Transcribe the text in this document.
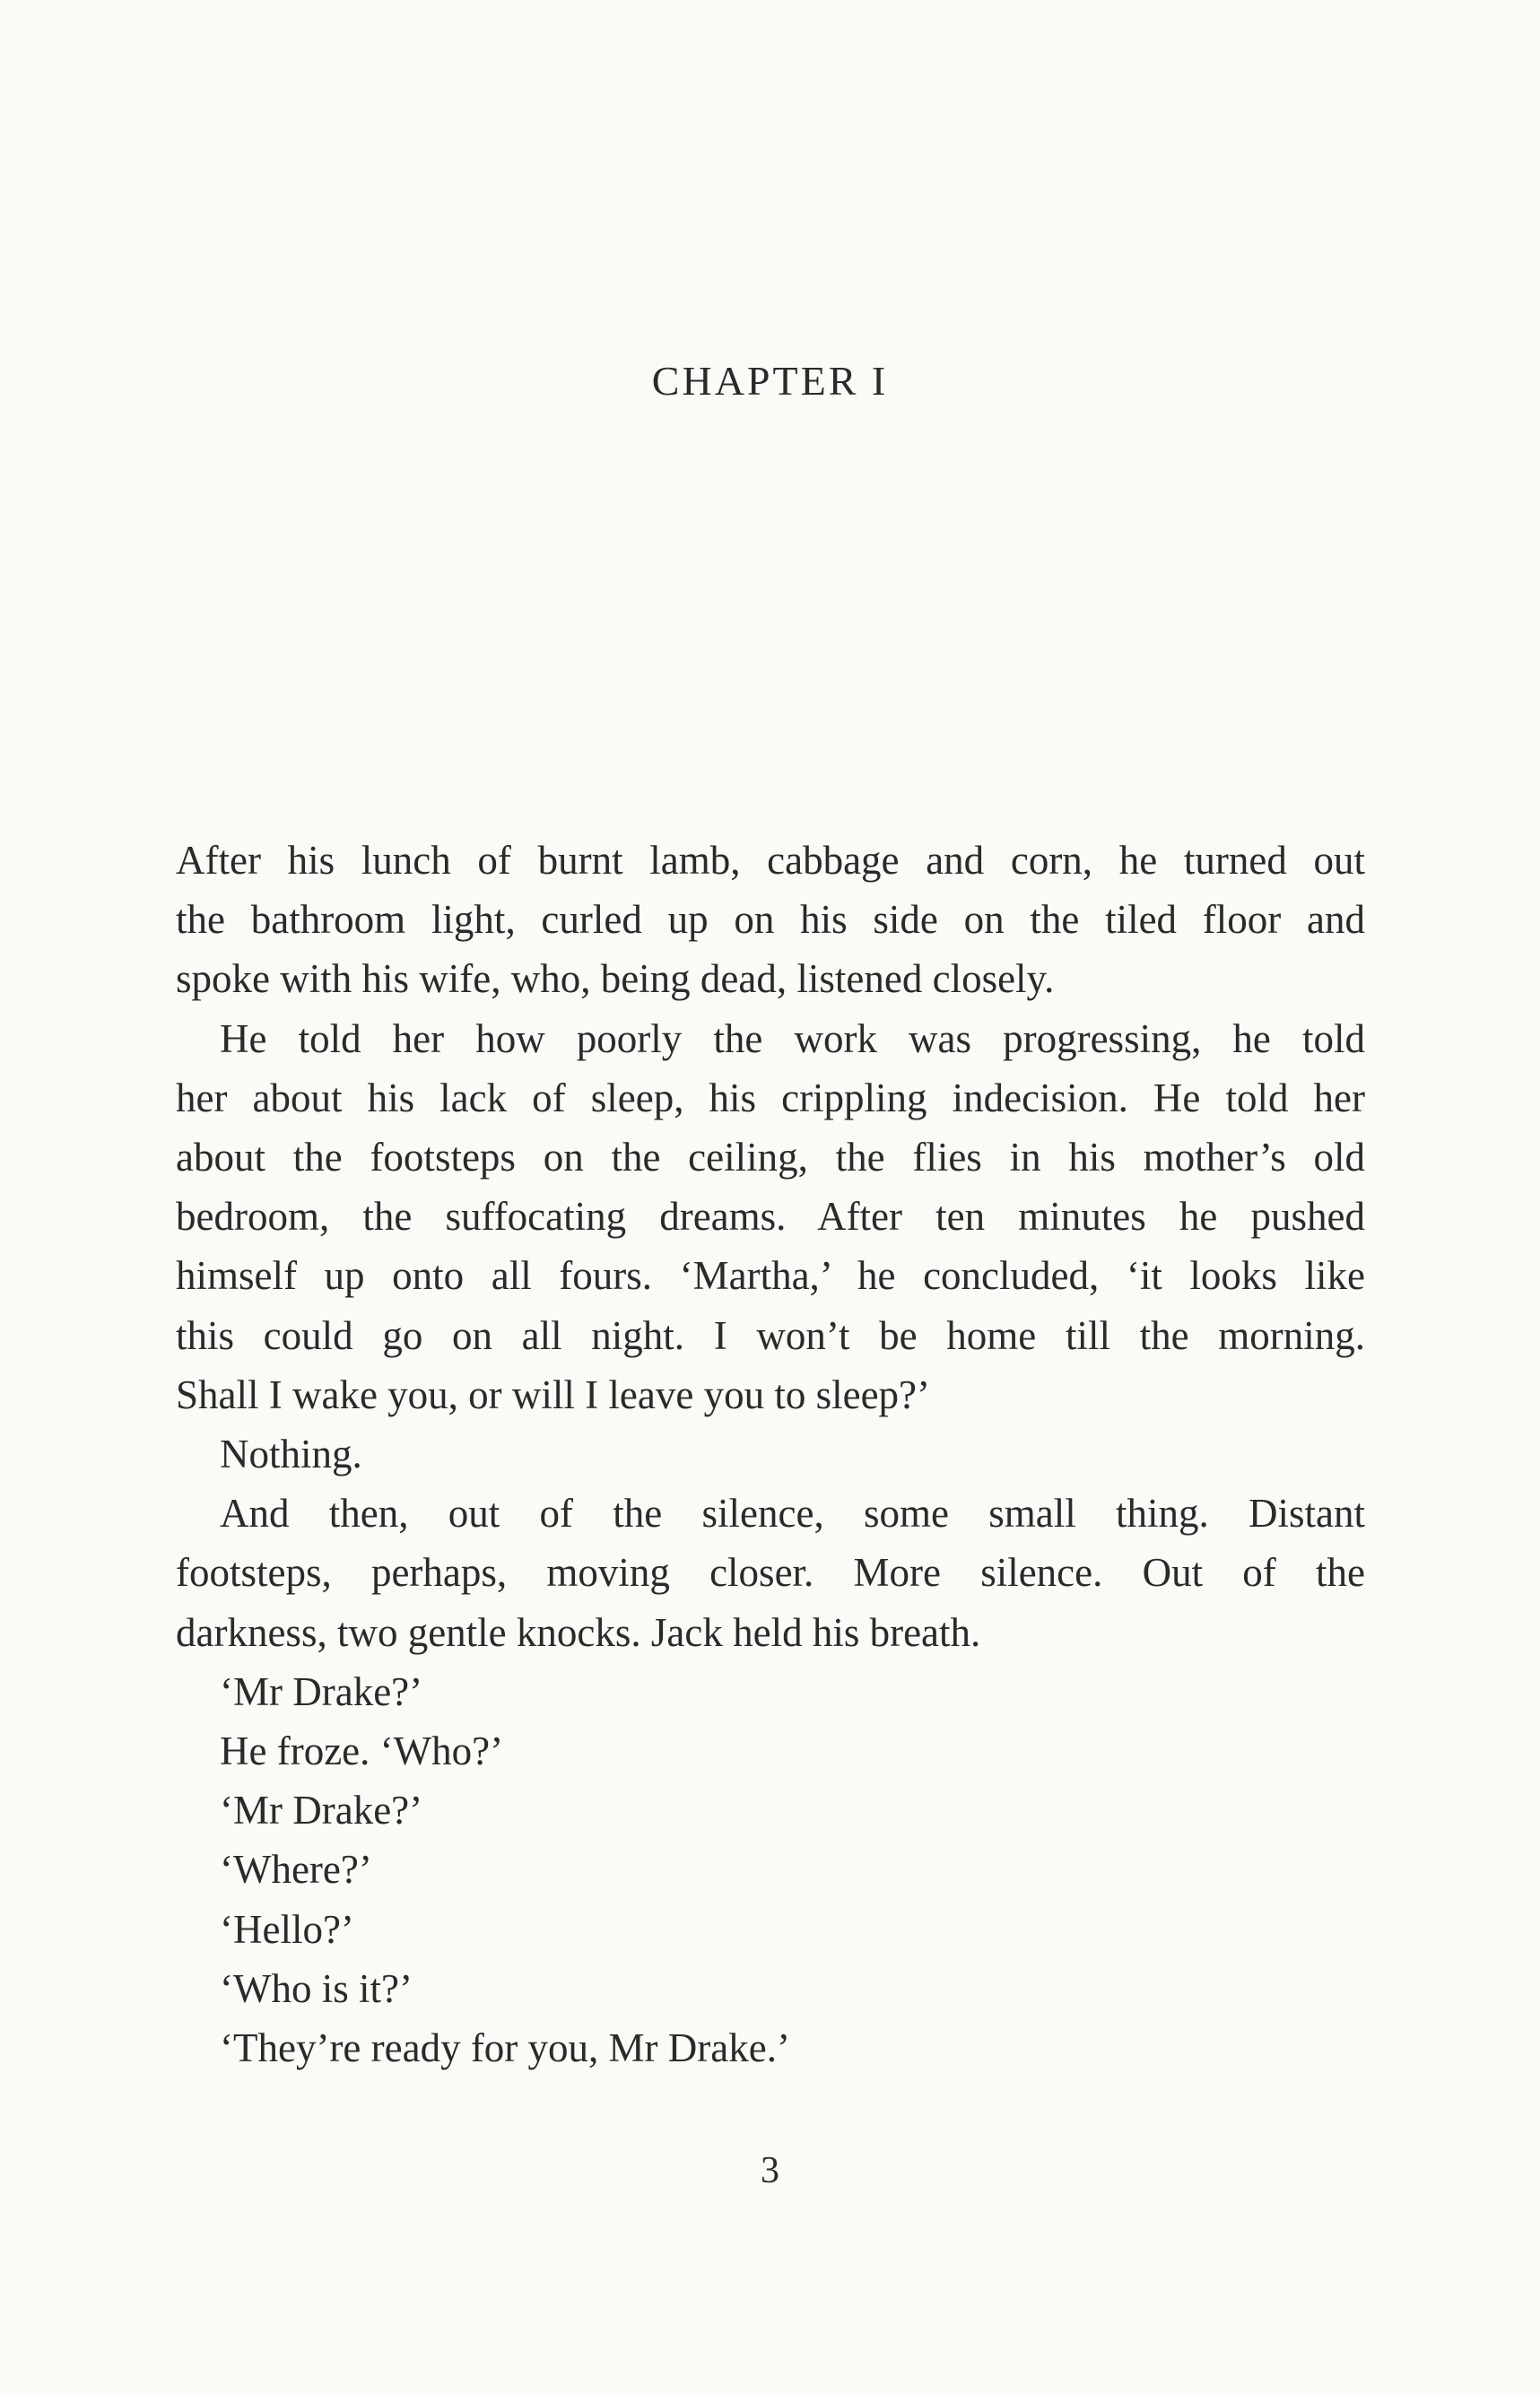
CHAPTER I

After his lunch of burnt lamb, cabbage and corn, he turned out
the bathroom light, curled up on his side on the tiled floor and
spoke with his wife, who, being dead, listened closely.

He told her how poorly the work was progressing, he told
her about his lack of sleep, his crippling indecision. He told her
about the footsteps on the ceiling, the flies in his mother’s old
bedroom, the suffocating dreams. After ten minutes he pushed
himself up onto all fours. ‘Martha,’ he concluded, ‘it looks like
this could go on all night. I won’t be home till the morning.
Shall I wake you, or will I leave you to sleep?’

Nothing.

And then, out of the silence, some small thing. Distant
footsteps, perhaps, moving closer. More silence. Out of the
darkness, two gentle knocks. Jack held his breath.

‘Mr Drake?’

He froze. ‘Who?’

‘Mr Drake?’

‘Where?’

‘Hello?’

‘Who is it?’

‘They’re ready for you, Mr Drake.’

3
